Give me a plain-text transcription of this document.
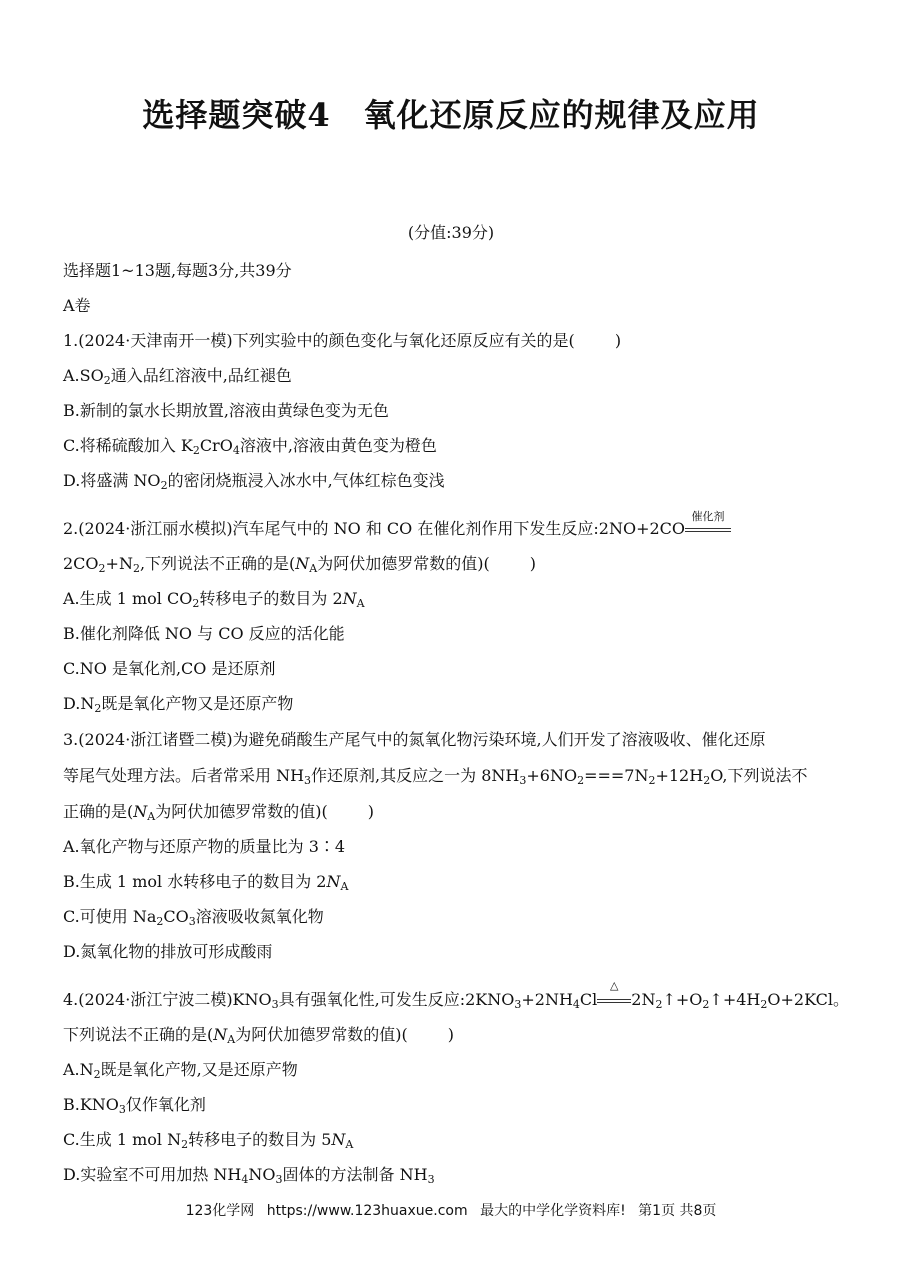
选择题突破4　氧化还原反应的规律及应用
(分值:39分)
选择题1~13题,每题3分,共39分
A卷
1.(2024·天津南开一模)下列实验中的颜色变化与氧化还原反应有关的是(	)
$A.SO_2$通入品红溶液中,品红褪色
B.新制的氯水长期放置,溶液由黄绿色变为无色
C.将稀硫酸加入 $K_2CrO_4$溶液中,溶液由黄色变为橙色
D.将盛满 $NO_2$的密闭烧瓶浸入冰水中,气体红棕色变浅
2.(2024·浙江丽水模拟)汽车尾气中的 NO 和 CO 在催化剂作用下发生反应:2NO+2CO
催化剂
$2CO_2+N_2$,下列说法不正确的是($N_A$为阿伏加德罗常数的值)(	)
A.生成 1 mol $CO_2$转移电子的数目为 $2N_A$
B.催化剂降低 NO 与 CO 反应的活化能
C.NO 是氧化剂,CO 是还原剂
$D.N_2$既是氧化产物又是还原产物
3.(2024·浙江诸暨二模)为避免硝酸生产尾气中的氮氧化物污染环境,人们开发了溶液吸收、催化还原
等尾气处理方法。后者常采用 $NH_3$作还原剂,其反应之一为 $8NH_3+6NO_2===7N_2+12H_2O$,下列说法不
正确的是($N_A$为阿伏加德罗常数的值)(	)
A.氧化产物与还原产物的质量比为 3∶4
B.生成 1 mol 水转移电子的数目为 $2N_A$
C.可使用 $Na_2CO_3$溶液吸收氮氧化物
D.氮氧化物的排放可形成酸雨
4.(2024·浙江宁波二模)$KNO_3$具有强氧化性,可发生反应$:2KNO_3+2NH_4Cl$
△
$2N_2↑+O_2↑+4H_2O+2KCl$。
下列说法不正确的是($N_A$为阿伏加德罗常数的值)(	)
$A.N_2$既是氧化产物,又是还原产物
$B.KNO_3$仅作氧化剂
C.生成 1 mol $N_2$转移电子的数目为 $5N_A$
D.实验室不可用加热 $NH_4NO_3$固体的方法制备 $NH_3$
123化学网 https://www.123huaxue.com 最大的中学化学资料库! 第1页 共8页
